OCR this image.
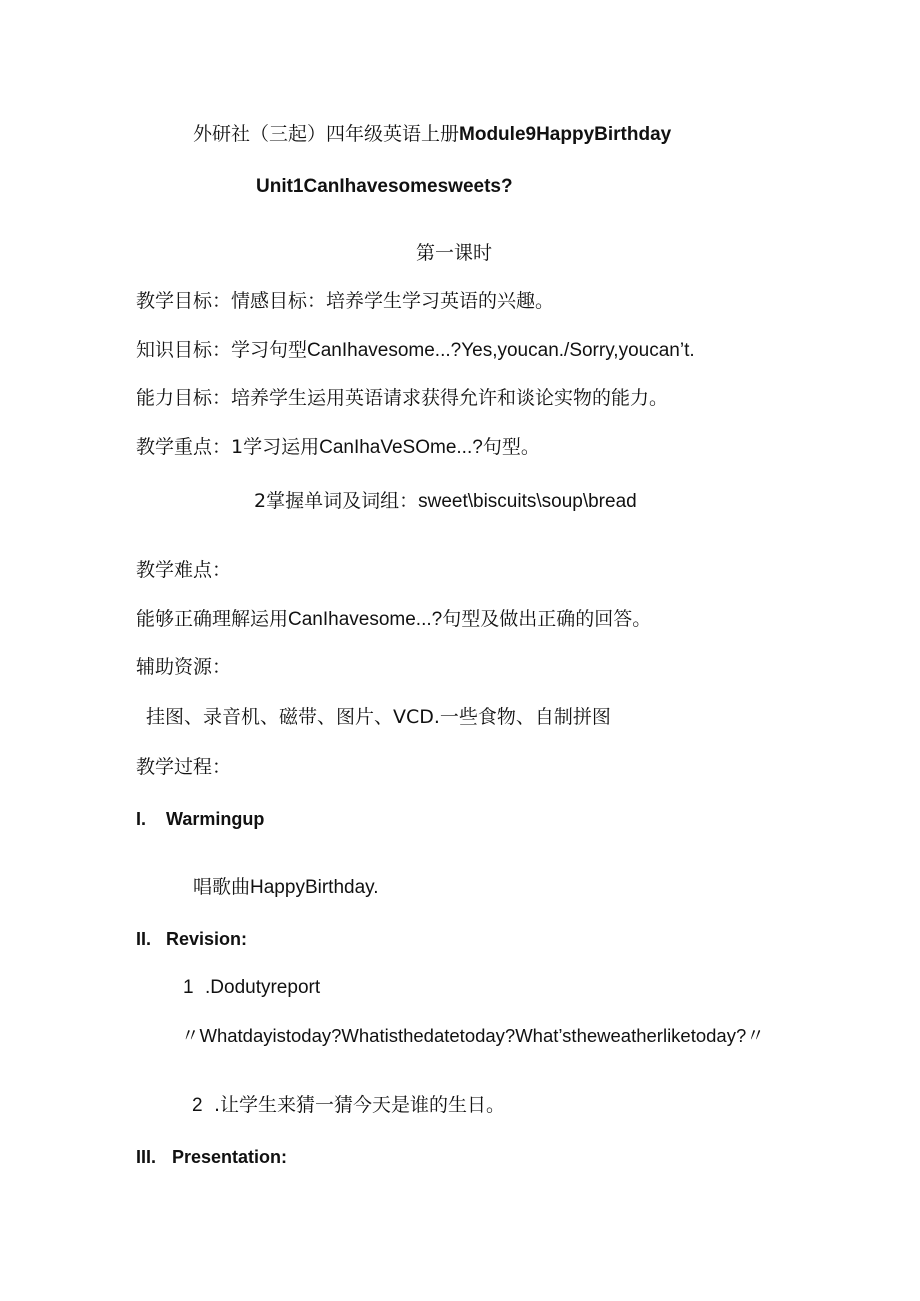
外研社（三起）四年级英语上册Module9HappyBirthday
Unit1CanIhavesomesweets?
第一课时
教学目标：情感目标：培养学生学习英语的兴趣。
知识目标：学习句型CanIhavesome...?Yes,youcan./Sorry,youcan’t.
能力目标：培养学生运用英语请求获得允许和谈论实物的能力。
教学重点：1学习运用CanIhaVeSOme...?句型。
2掌握单词及词组：sweet\biscuits\soup\bread
教学难点：
能够正确理解运用CanIhavesome...?句型及做出正确的回答。
辅助资源：
挂图、录音机、磁带、图片、VCD.一些食物、自制拼图
教学过程：
I. Warmingup
唱歌曲HappyBirthday.
II. Revision:
1 .Dodutyreport
〃Whatdayistoday?Whatisthedatetoday?What’stheweatherliketoday?〃
2 .让学生来猜一猜今天是谁的生日。
III. Presentation:
